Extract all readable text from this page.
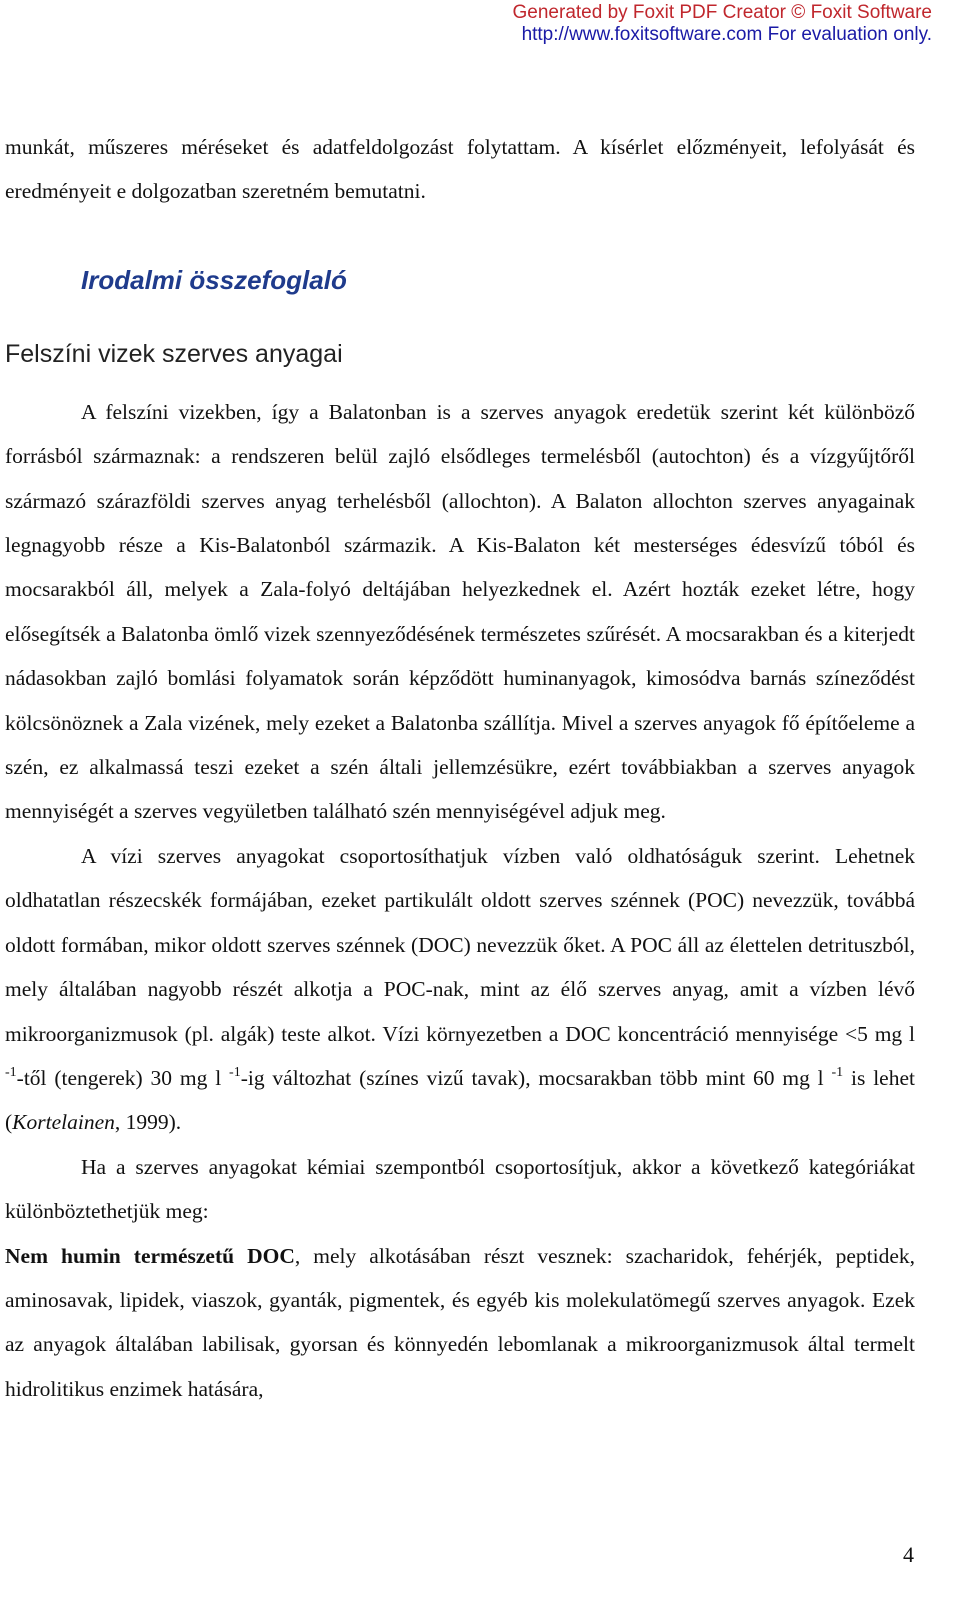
Generated by Foxit PDF Creator © Foxit Software
http://www.foxitsoftware.com For evaluation only.

munkát, műszeres méréseket és adatfeldolgozást folytattam. A kísérlet előzményeit, lefolyását és eredményeit e dolgozatban szeretném bemutatni.

Irodalmi összefoglaló
Felszíni vizek szerves anyagai

A felszíni vizekben, így a Balatonban is a szerves anyagok eredetük szerint két különböző forrásból származnak: a rendszeren belül zajló elsődleges termelésből (autochton) és a vízgyűjtőről származó szárazföldi szerves anyag terhelésből (allochton). A Balaton allochton szerves anyagainak legnagyobb része a Kis-Balatonból származik. A Kis-Balaton két mesterséges édesvízű tóból és mocsarakból áll, melyek a Zala-folyó deltájában helyezkednek el. Azért hozták ezeket létre, hogy elősegítsék a Balatonba ömlő vizek szennyeződésének természetes szűrését. A mocsarakban és a kiterjedt nádasokban zajló bomlási folyamatok során képződött huminanyagok, kimosódva barnás színeződést kölcsönöznek a Zala vizének, mely ezeket a Balatonba szállítja. Mivel a szerves anyagok fő építőeleme a szén, ez alkalmassá teszi ezeket a szén általi jellemzésükre, ezért továbbiakban a szerves anyagok mennyiségét a szerves vegyületben található szén mennyiségével adjuk meg.

A vízi szerves anyagokat csoportosíthatjuk vízben való oldhatóságuk szerint. Lehetnek oldhatatlan részecskék formájában, ezeket partikulált oldott szerves szénnek (POC) nevezzük, továbbá oldott formában, mikor oldott szerves szénnek (DOC) nevezzük őket. A POC áll az élettelen detrituszból, mely általában nagyobb részét alkotja a POC-nak, mint az élő szerves anyag, amit a vízben lévő mikroorganizmusok (pl. algák) teste alkot. Vízi környezetben a DOC koncentráció mennyisége <5 mg l $^{-1}$-től (tengerek) 30 mg l $^{-1}$-ig változhat (színes vizű tavak), mocsarakban több mint 60 mg l $^{-1}$ is lehet (Kortelainen, 1999).

Ha a szerves anyagokat kémiai szempontból csoportosítjuk, akkor a következő kategóriákat különböztethetjük meg:

Nem humin természetű DOC, mely alkotásában részt vesznek: szacharidok, fehérjék, peptidek, aminosavak, lipidek, viaszok, gyanták, pigmentek, és egyéb kis molekulatömegű szerves anyagok. Ezek az anyagok általában labilisak, gyorsan és könnyedén lebomlanak a mikroorganizmusok által termelt hidrolitikus enzimek hatására,

4
